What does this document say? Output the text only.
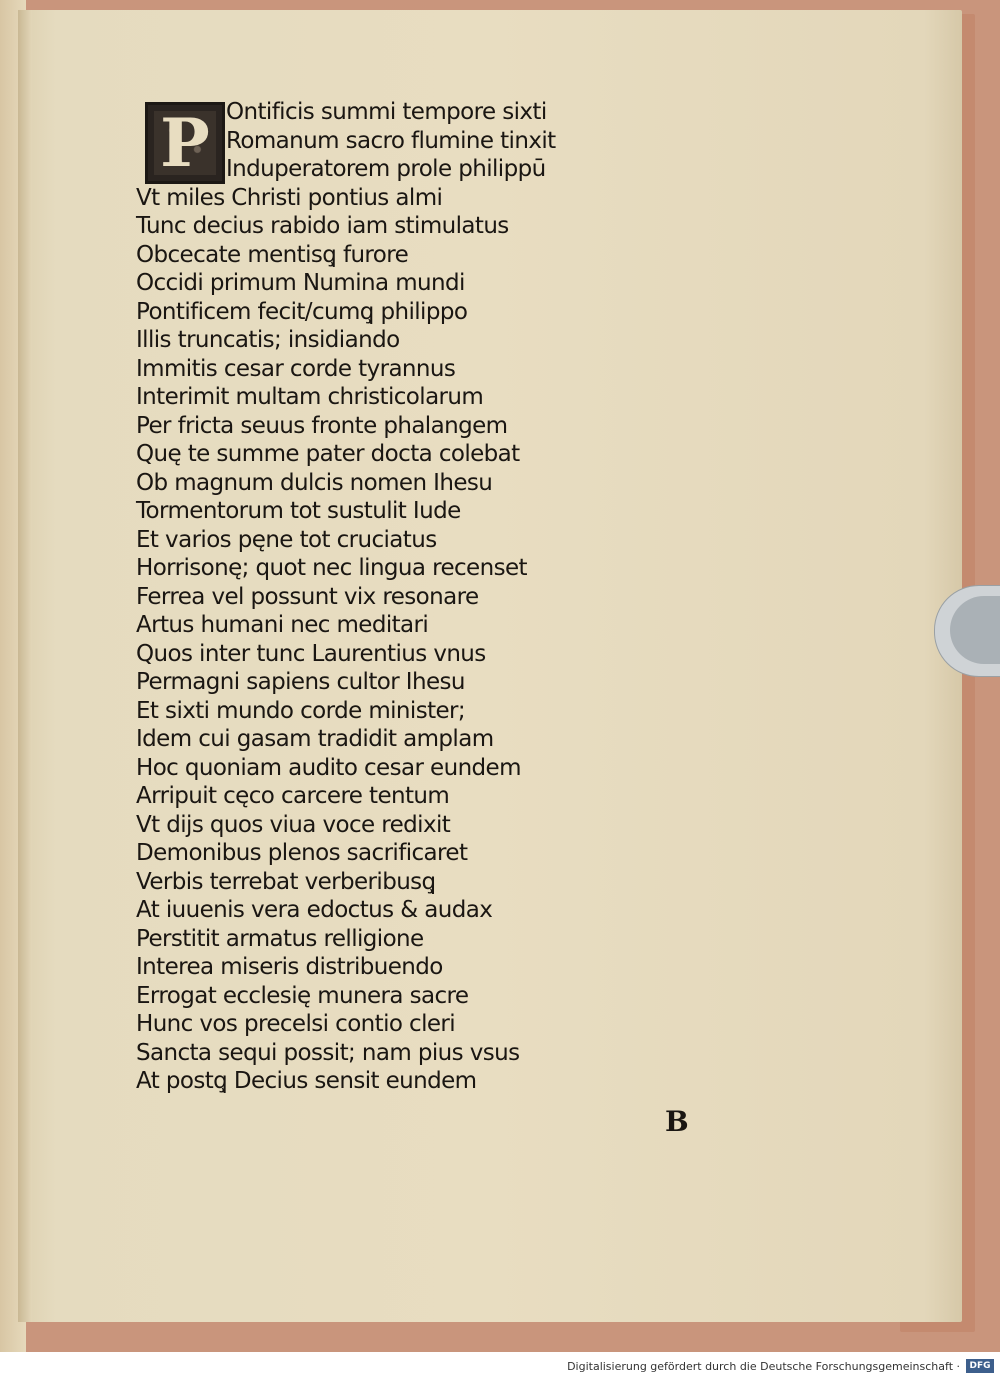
P Ontificis summi tempore sixti
Romanum sacro flumine tinxit
Induperatorem prole philippū
Vt miles Christi pontius almi
Tunc decius rabido iam stimulatus
Obcecate mentisq̧ furore
Occidi primum Numina mundi
Pontificem fecit/cumq̧ philippo
Illis truncatis; insidiando
Immitis cesar corde tyrannus
Interimit multam christicolarum
Per fricta seuus fronte phalangem
Quę te summe pater docta colebat
Ob magnum dulcis nomen Ihesu
Tormentorum tot sustulit Iude
Et varios pęne tot cruciatus
Horrisonę; quot nec lingua recenset
Ferrea vel possunt vix resonare
Artus humani nec meditari
Quos inter tunc Laurentius vnus
Permagni sapiens cultor Ihesu
Et sixti mundo corde minister;
Idem cui gasam tradidit amplam
Hoc quoniam audito cesar eundem
Arripuit cęco carcere tentum
Vt dijs quos viua voce redixit
Demonibus plenos sacrificaret
Verbis terrebat verberibusq̧
At iuuenis vera edoctus & audax
Perstitit armatus relligione
Interea miseris distribuendo
Errogat ecclesię munera sacre
Hunc vos precelsi contio cleri
Sancta sequi possit; nam pius vsus
At postq̧ Decius sensit eundem
B
Digitalisierung gefördert durch die Deutsche Forschungsgemeinschaft ·	DFG
